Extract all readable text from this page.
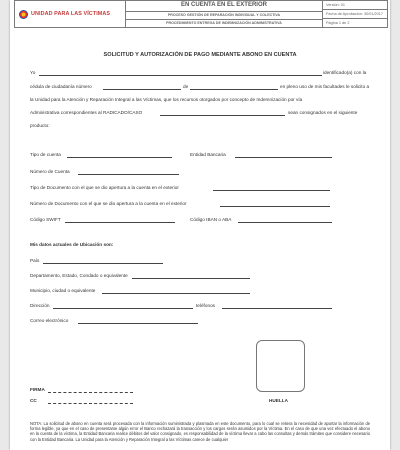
UNIDAD PARA LAS VÍCTIMAS
EN CUENTA EN EL EXTERIOR
PROCESO GESTIÓN DE REPARACIÓN INDIVIDUAL Y COLECTIVA
PROCEDIMIENTO ENTREGA DE INDEMNIZACIÓN ADMINISTRATIVA
Versión: 01
Fecha de Aprobación: 30/01/2017
Página 1 de 2
SOLICITUD Y AUTORIZACIÓN DE PAGO MEDIANTE ABONO EN CUENTA
Yo	identificado(a) con la
cédula de ciudadanía número	de	en pleno uso de mis facultades le solicito a
la Unidad para la Atención y Reparación Integral a las Víctimas, que los recursos otorgados por concepto de Indemnización por vía
Administrativa correspondientes al RADICADO/CASO	sean consignados en el siguiente
producto:
Tipo de cuenta	Entidad Bancaria
Número de Cuenta
Tipo de Documento con el que se dio apertura a la cuenta en el exterior
Número de Documento con el que se dio apertura a la cuenta en el exterior
Código SWIFT	Código IBAN o ABA
Mis datos actuales de Ubicación son:
País
Departamento, Estado, Condado o equivalente
Municipio, ciudad o equivalente
Dirección	teléfonos
Correo electrónico
FIRMA
CC	HUELLA
NOTA: La solicitud de abono en cuenta será procesada con la información suministrada y plasmada en este documento, para lo cual se reitera la necesidad de aportar la información de forma legible, ya que en el caso de presentarse algún error el Banco rechazará la transacción y los cargos serán asumidos por la Víctima. En el caso de que una vez efectuado el abono en la cuenta de la víctima, la Entidad Bancaria realice débitos del valor consignado, es responsabilidad de la víctima llevar a cabo las consultas y demás trámites que considere necesario con la Entidad Bancaria. La Unidad para la Atención y Reparación Integral a las Víctimas carece de cualquier
